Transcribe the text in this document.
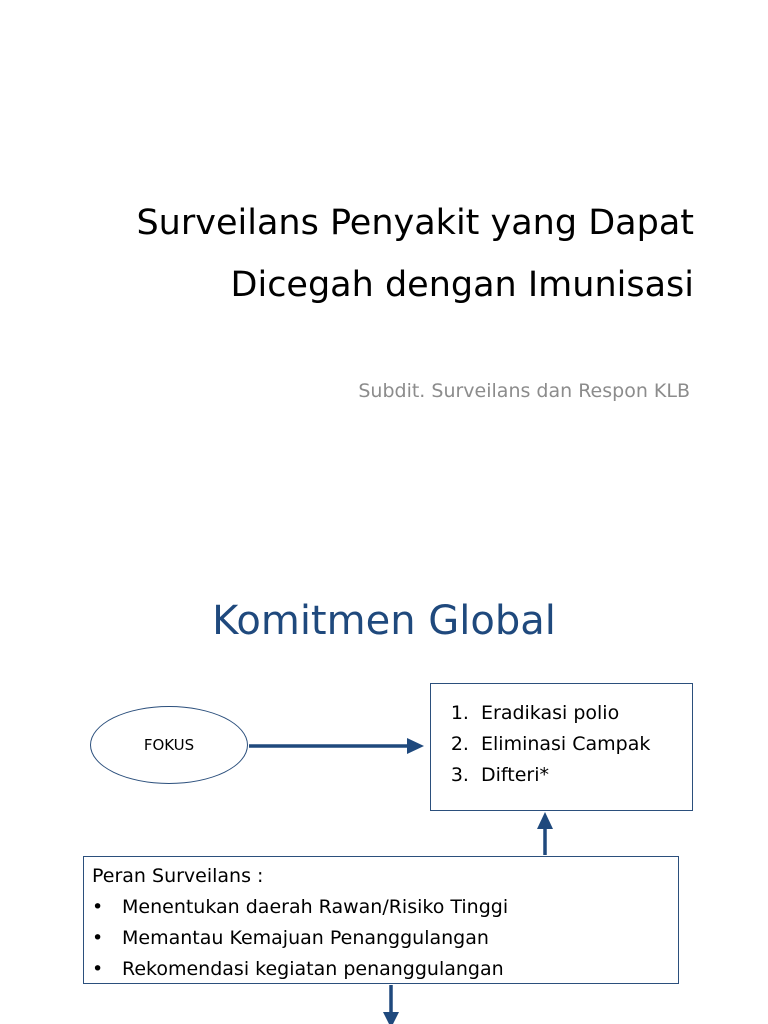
Surveilans Penyakit yang Dapat
Dicegah dengan Imunisasi
Subdit. Surveilans dan Respon KLB
Komitmen Global
FOKUS
1. Eradikasi polio
2. Eliminasi Campak
3. Difteri*
Peran Surveilans :
• Menentukan daerah Rawan/Risiko Tinggi
• Memantau Kemajuan Penanggulangan
• Rekomendasi kegiatan penanggulangan
